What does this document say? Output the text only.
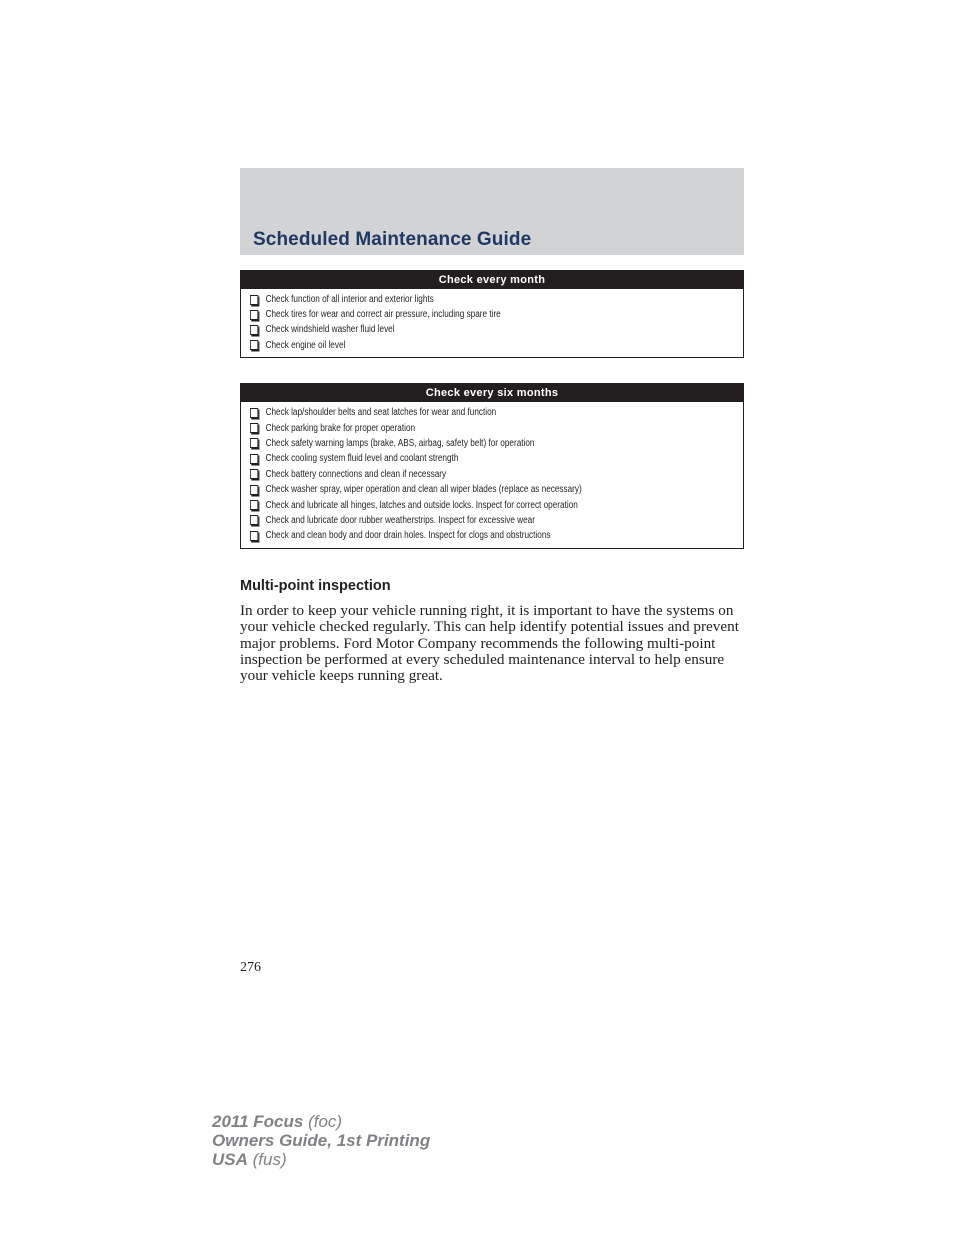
Scheduled Maintenance Guide
Check every month
Check function of all interior and exterior lights
Check tires for wear and correct air pressure, including spare tire
Check windshield washer fluid level
Check engine oil level
Check every six months
Check lap/shoulder belts and seat latches for wear and function
Check parking brake for proper operation
Check safety warning lamps (brake, ABS, airbag, safety belt) for operation
Check cooling system fluid level and coolant strength
Check battery connections and clean if necessary
Check washer spray, wiper operation and clean all wiper blades (replace as necessary)
Check and lubricate all hinges, latches and outside locks. Inspect for correct operation
Check and lubricate door rubber weatherstrips. Inspect for excessive wear
Check and clean body and door drain holes. Inspect for clogs and obstructions
Multi-point inspection

In order to keep your vehicle running right, it is important to have the systems on your vehicle checked regularly. This can help identify potential issues and prevent major problems. Ford Motor Company recommends the following multi-point inspection be performed at every scheduled maintenance interval to help ensure your vehicle keeps running great.

276
2011 Focus (foc)
Owners Guide, 1st Printing
USA (fus)
